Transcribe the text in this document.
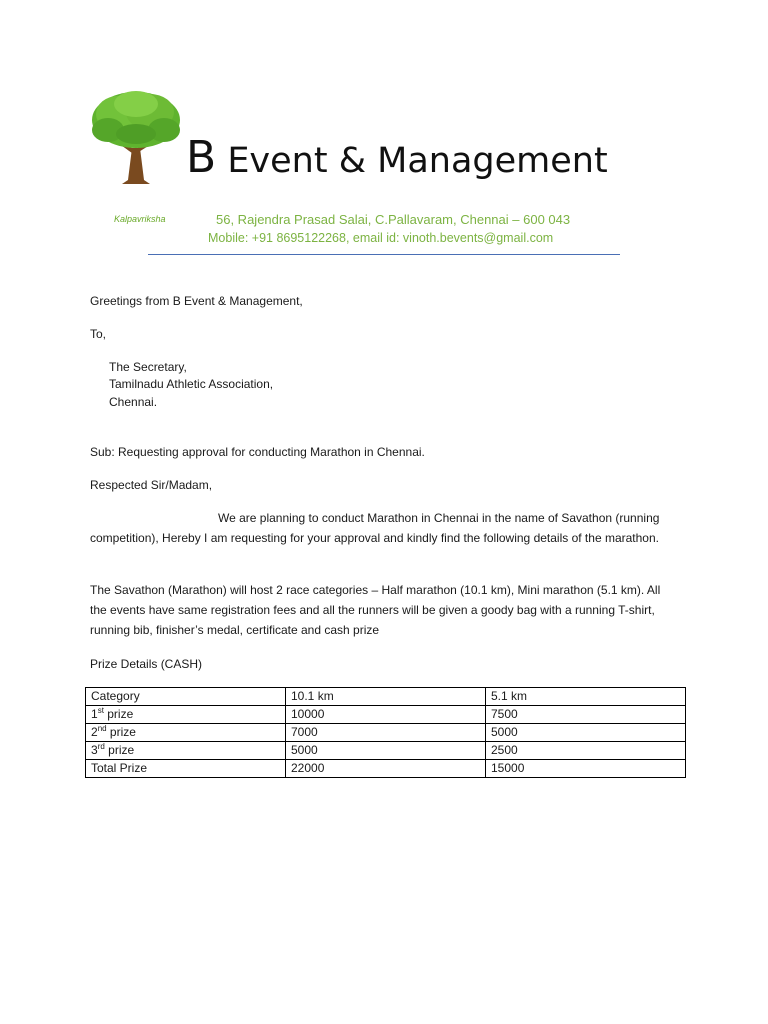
Kalpavriksha
B Event & Management
56, Rajendra Prasad Salai, C.Pallavaram, Chennai – 600 043
Mobile: +91 8695122268, email id: vinoth.bevents@gmail.com
Greetings from B Event & Management,
To,
The Secretary,
Tamilnadu Athletic Association,
Chennai.
Sub: Requesting approval for conducting Marathon in Chennai.
Respected Sir/Madam,
We are planning to conduct Marathon in Chennai in the name of Savathon (running competition), Hereby I am requesting for your approval and kindly find the following details of the marathon.
The Savathon (Marathon) will host 2 race categories – Half marathon (10.1 km), Mini marathon (5.1 km). All the events have same registration fees and all the runners will be given a goody bag with a running T-shirt, running bib, finisher’s medal, certificate and cash prize
Prize Details (CASH)
Category	10.1 km	5.1 km
1st prize	10000	7500
2nd prize	7000	5000
3rd prize	5000	2500
Total Prize	22000	15000
